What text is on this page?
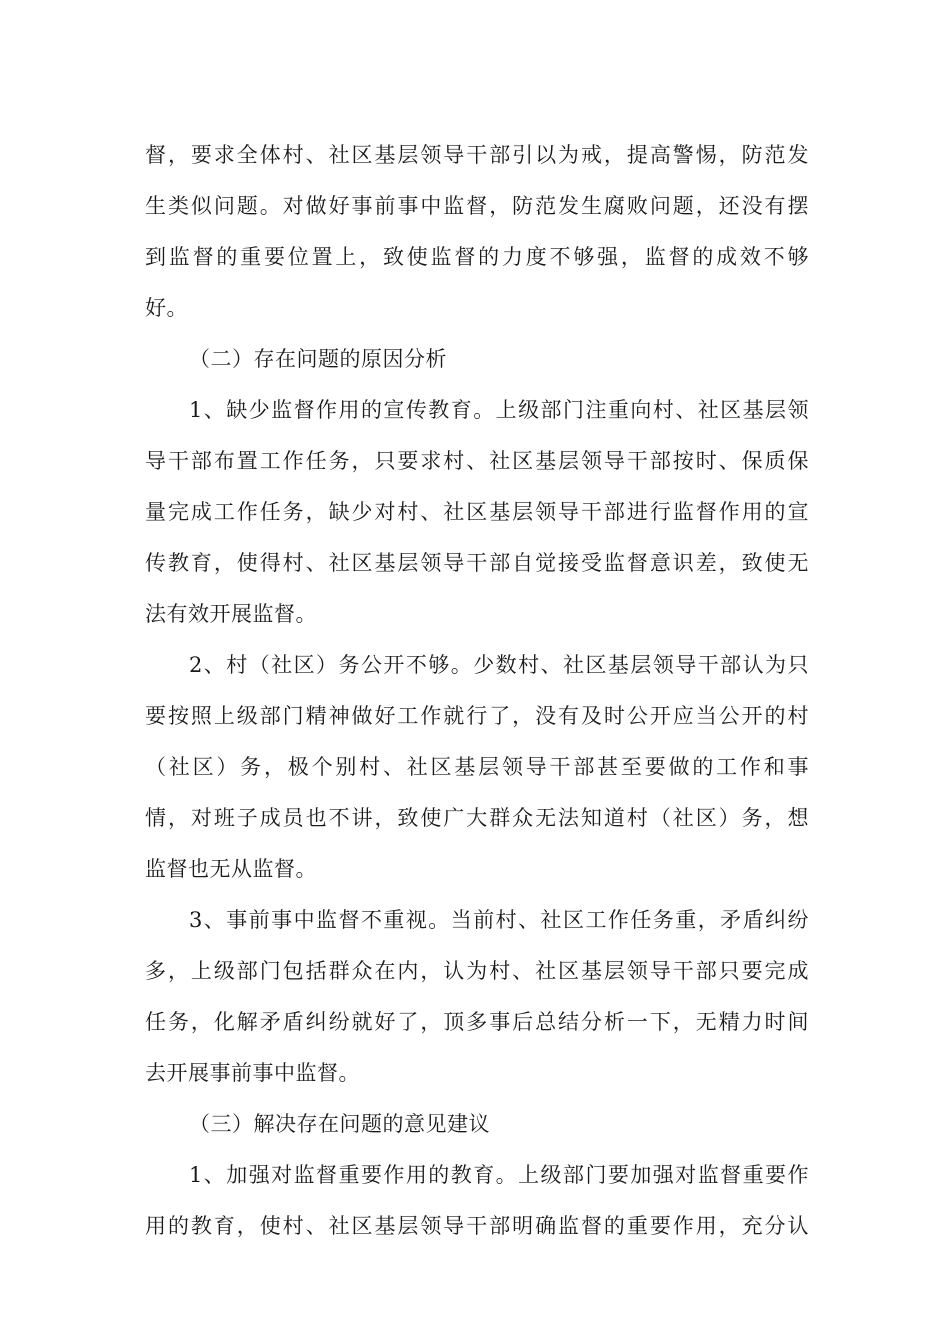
督，要求全体村、社区基层领导干部引以为戒，提高警惕，防范发
生类似问题。对做好事前事中监督，防范发生腐败问题，还没有摆
到监督的重要位置上，致使监督的力度不够强，监督的成效不够
好。
（二）存在问题的原因分析
1、缺少监督作用的宣传教育。上级部门注重向村、社区基层领
导干部布置工作任务，只要求村、社区基层领导干部按时、保质保
量完成工作任务，缺少对村、社区基层领导干部进行监督作用的宣
传教育，使得村、社区基层领导干部自觉接受监督意识差，致使无
法有效开展监督。
2、村（社区）务公开不够。少数村、社区基层领导干部认为只
要按照上级部门精神做好工作就行了，没有及时公开应当公开的村
（社区）务，极个别村、社区基层领导干部甚至要做的工作和事
情，对班子成员也不讲，致使广大群众无法知道村（社区）务，想
监督也无从监督。
3、事前事中监督不重视。当前村、社区工作任务重，矛盾纠纷
多，上级部门包括群众在内，认为村、社区基层领导干部只要完成
任务，化解矛盾纠纷就好了，顶多事后总结分析一下，无精力时间
去开展事前事中监督。
（三）解决存在问题的意见建议
1、加强对监督重要作用的教育。上级部门要加强对监督重要作
用的教育，使村、社区基层领导干部明确监督的重要作用，充分认
